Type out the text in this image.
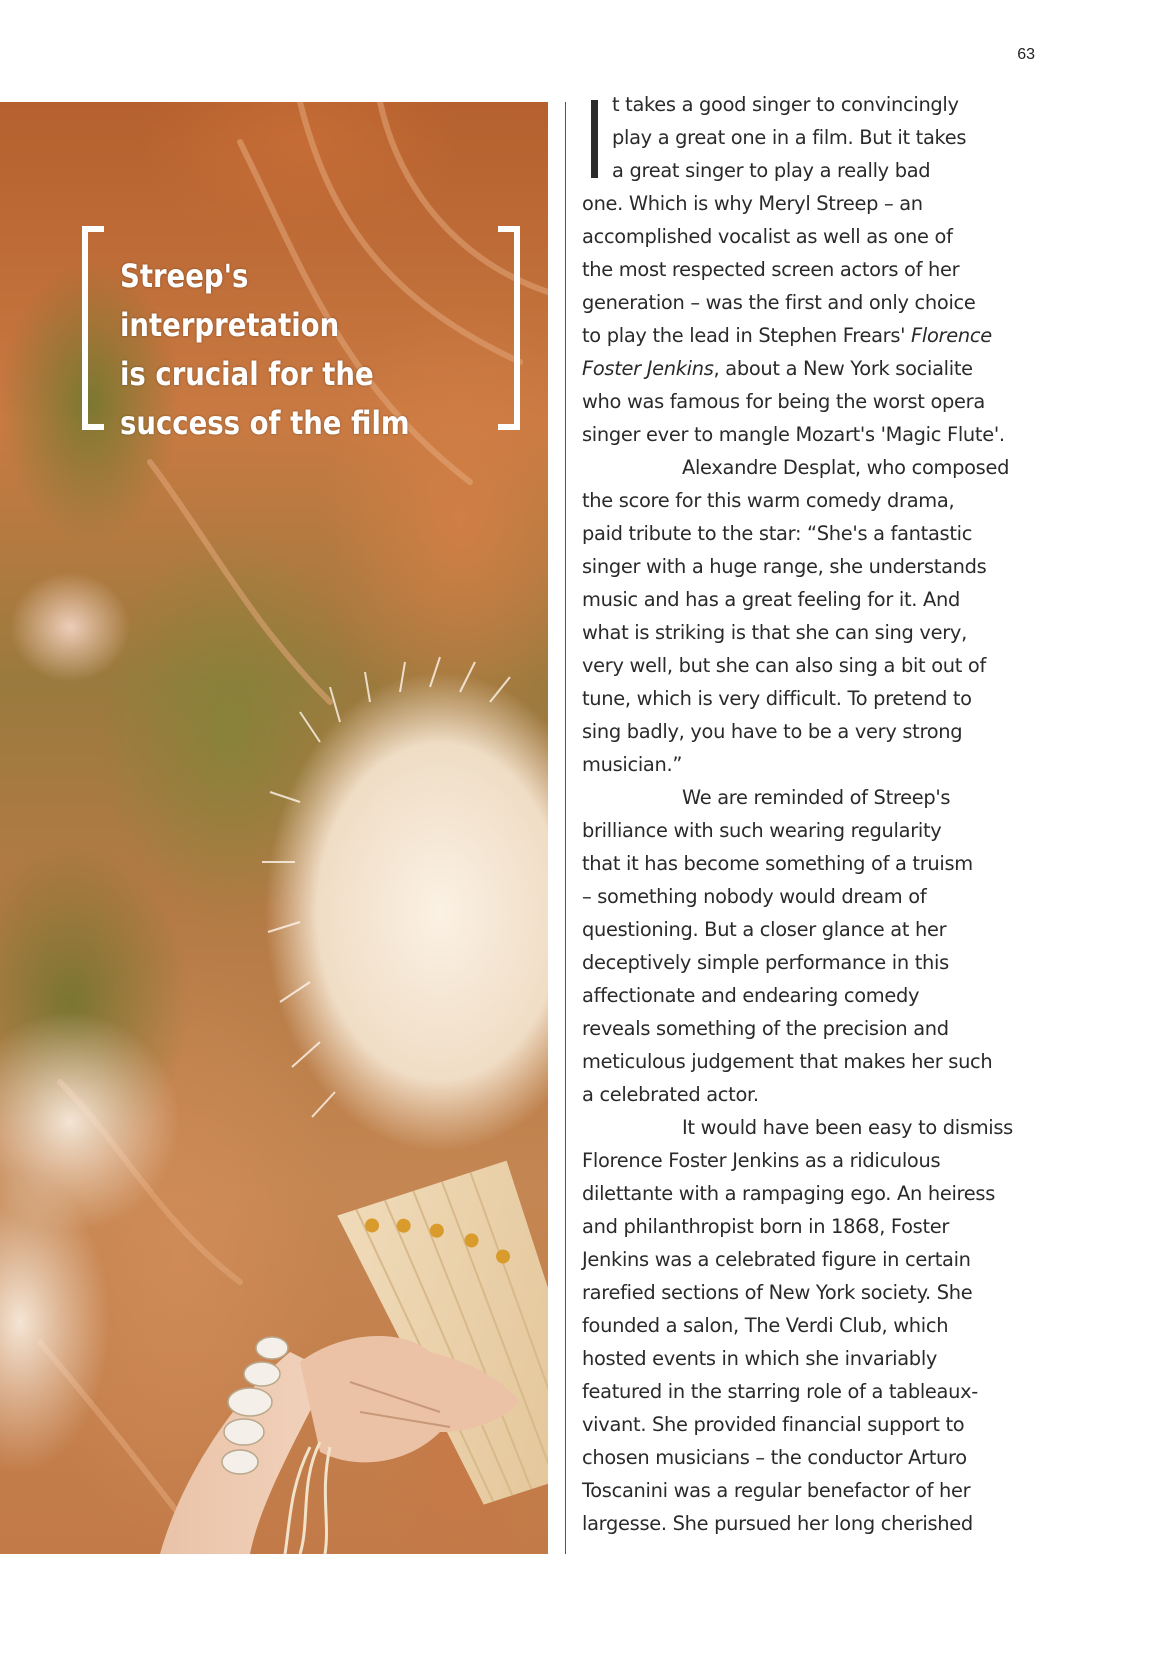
63

Streep's interpretation
is crucial for the
success of the film

t takes a good singer to convincingly
play a great one in a film. But it takes
a great singer to play a really bad
one. Which is why Meryl Streep – an
accomplished vocalist as well as one of
the most respected screen actors of her
generation – was the first and only choice
to play the lead in Stephen Frears' Florence
Foster Jenkins, about a New York socialite
who was famous for being the worst opera
singer ever to mangle Mozart's 'Magic Flute'.
Alexandre Desplat, who composed
the score for this warm comedy drama,
paid tribute to the star: “She's a fantastic
singer with a huge range, she understands
music and has a great feeling for it. And
what is striking is that she can sing very,
very well, but she can also sing a bit out of
tune, which is very difficult. To pretend to
sing badly, you have to be a very strong
musician.”
We are reminded of Streep's
brilliance with such wearing regularity
that it has become something of a truism
– something nobody would dream of
questioning. But a closer glance at her
deceptively simple performance in this
affectionate and endearing comedy
reveals something of the precision and
meticulous judgement that makes her such
a celebrated actor.
It would have been easy to dismiss
Florence Foster Jenkins as a ridiculous
dilettante with a rampaging ego. An heiress
and philanthropist born in 1868, Foster
Jenkins was a celebrated figure in certain
rarefied sections of New York society. She
founded a salon, The Verdi Club, which
hosted events in which she invariably
featured in the starring role of a tableaux-
vivant. She provided financial support to
chosen musicians – the conductor Arturo
Toscanini was a regular benefactor of her
largesse. She pursued her long cherished
